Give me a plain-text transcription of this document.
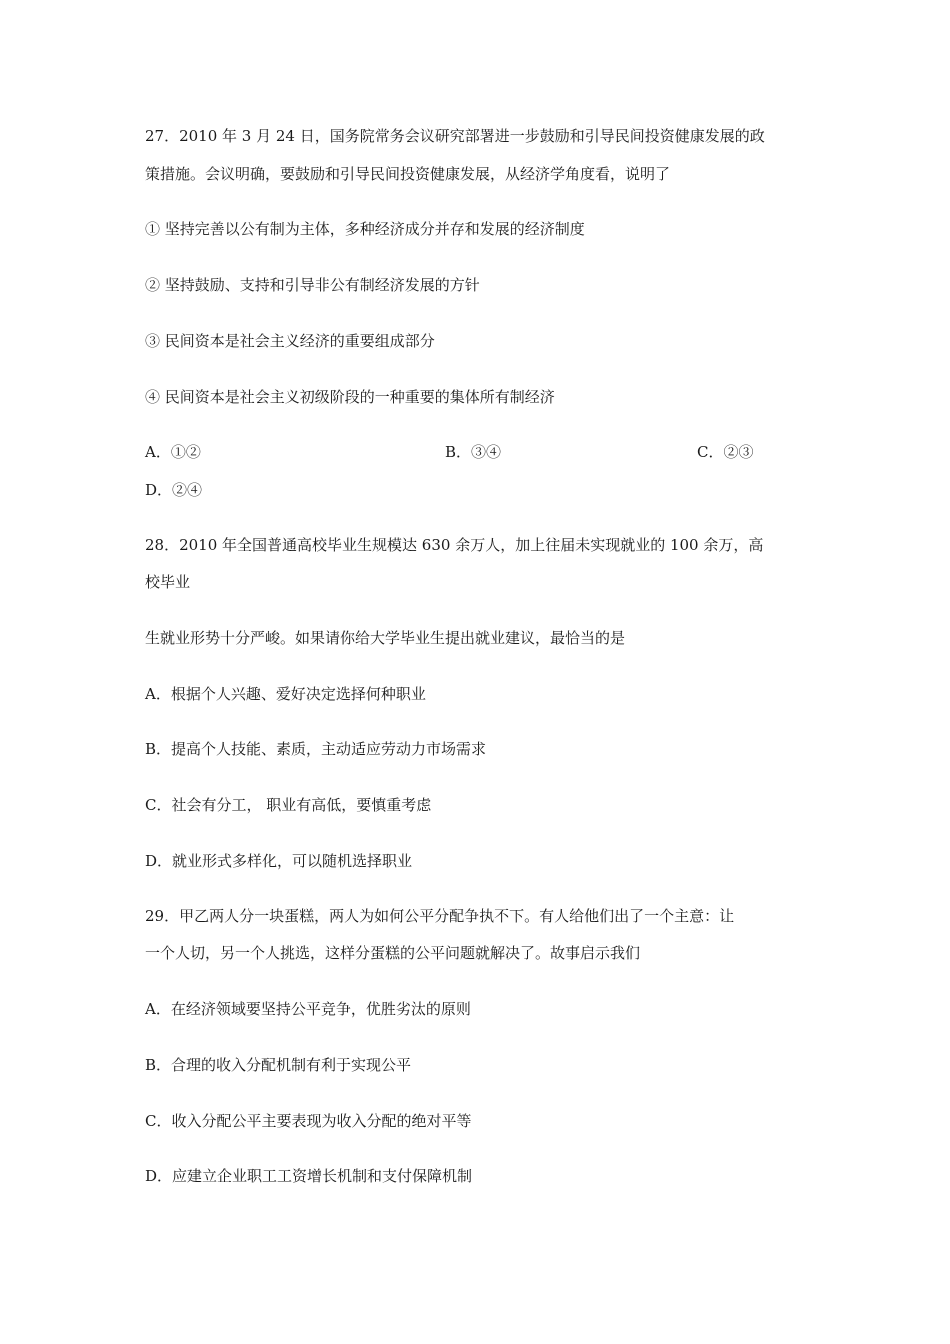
27．2010 年 3 月 24 日，国务院常务会议研究部署进一步鼓励和引导民间投资健康发展的政
策措施。会议明确，要鼓励和引导民间投资健康发展，从经济学角度看，说明了
① 坚持完善以公有制为主体，多种经济成分并存和发展的经济制度
② 坚持鼓励、支持和引导非公有制经济发展的方针
③ 民间资本是社会主义经济的重要组成部分
④ 民间资本是社会主义初级阶段的一种重要的集体所有制经济
A．①②	B．③④	C．②③
D．②④
28．2010 年全国普通高校毕业生规模达 630 余万人，加上往届未实现就业的 100 余万，高
校毕业
生就业形势十分严峻。如果请你给大学毕业生提出就业建议，最恰当的是
A．根据个人兴趣、爱好决定选择何种职业
B．提高个人技能、素质，主动适应劳动力市场需求
C．社会有分工， 职业有高低，要慎重考虑
D．就业形式多样化，可以随机选择职业
29．甲乙两人分一块蛋糕，两人为如何公平分配争执不下。有人给他们出了一个主意：让
一个人切，另一个人挑选，这样分蛋糕的公平问题就解决了。故事启示我们
A．在经济领域要坚持公平竞争，优胜劣汰的原则
B．合理的收入分配机制有利于实现公平
C．收入分配公平主要表现为收入分配的绝对平等
D．应建立企业职工工资增长机制和支付保障机制
